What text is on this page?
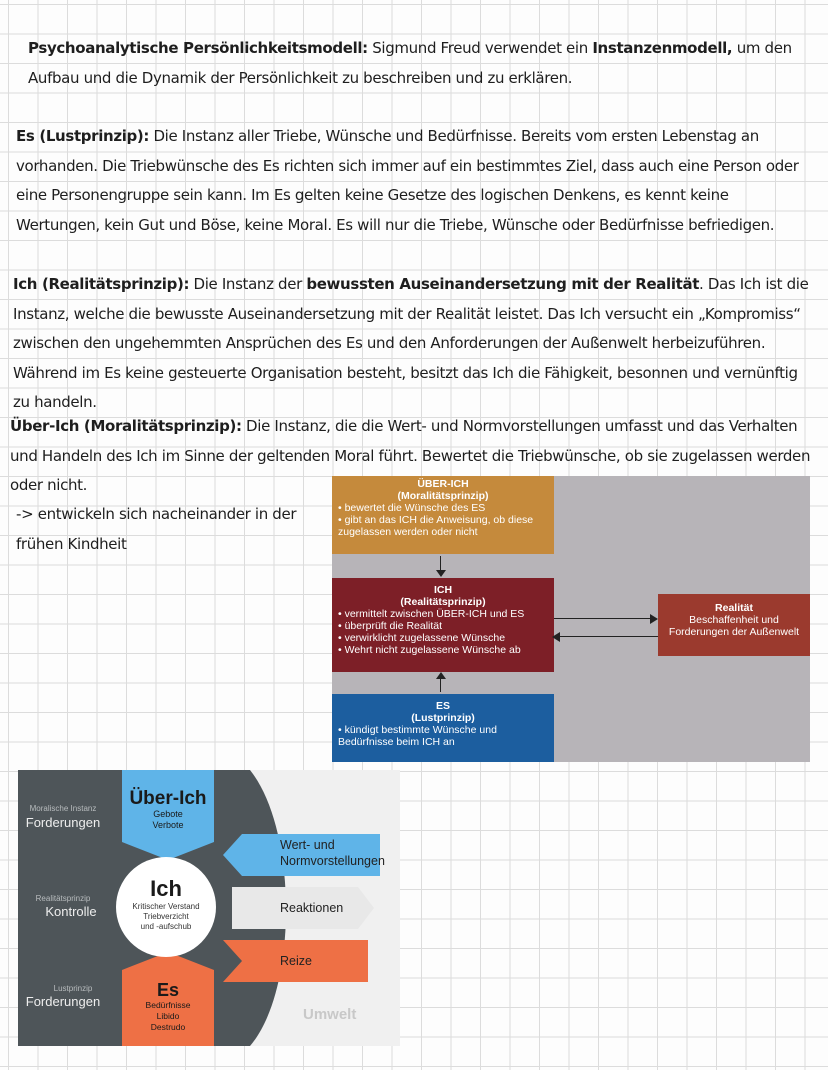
Psychoanalytische Persönlichkeitsmodell: Sigmund Freud verwendet ein Instanzenmodell, um den Aufbau und die Dynamik der Persönlichkeit zu beschreiben und zu erklären.

Es (Lustprinzip): Die Instanz aller Triebe, Wünsche und Bedürfnisse. Bereits vom ersten Lebenstag an vorhanden. Die Triebwünsche des Es richten sich immer auf ein bestimmtes Ziel, dass auch eine Person oder eine Personengruppe sein kann. Im Es gelten keine Gesetze des logischen Denkens, es kennt keine Wertungen, kein Gut und Böse, keine Moral. Es will nur die Triebe, Wünsche oder Bedürfnisse befriedigen.

Ich (Realitätsprinzip): Die Instanz der bewussten Auseinandersetzung mit der Realität. Das Ich ist die Instanz, welche die bewusste Auseinandersetzung mit der Realität leistet. Das Ich versucht ein „Kompromiss“ zwischen den ungehemmten Ansprüchen des Es und den Anforderungen der Außenwelt herbeizuführen. Während im Es keine gesteuerte Organisation besteht, besitzt das Ich die Fähigkeit, besonnen und vernünftig zu handeln.

Über-Ich (Moralitätsprinzip): Die Instanz, die die Wert- und Normvorstellungen umfasst und das Verhalten und Handeln des Ich im Sinne der geltenden Moral führt. Bewertet die Triebwünsche, ob sie zugelassen werden oder nicht.

-> entwickeln sich nacheinander in der frühen Kindheit

ÜBER-ICH
(Moralitätsprinzip)
• bewertet die Wünsche des ES
• gibt an das ICH die Anweisung, ob diese zugelassen werden oder nicht
ICH
(Realitätsprinzip)
• vermittelt zwischen ÜBER-ICH und ES
• überprüft die Realität
• verwirklicht zugelassene Wünsche
• Wehrt nicht zugelassene Wünsche ab
ES
(Lustprinzip)
• kündigt bestimmte Wünsche und Bedürfnisse beim ICH an
Realität
Beschaffenheit und
Forderungen der Außenwelt
Über-Ich
Gebote
Verbote
Ich
Kritischer Verstand
Triebverzicht
und -aufschub
Es
Bedürfnisse
Libido
Destrudo
Moralische Instanz
Forderungen
Realitätsprinzip
Kontrolle
Lustprinzip
Forderungen
Wert- und
Normvorstellungen
Reaktionen
Reize
Umwelt
